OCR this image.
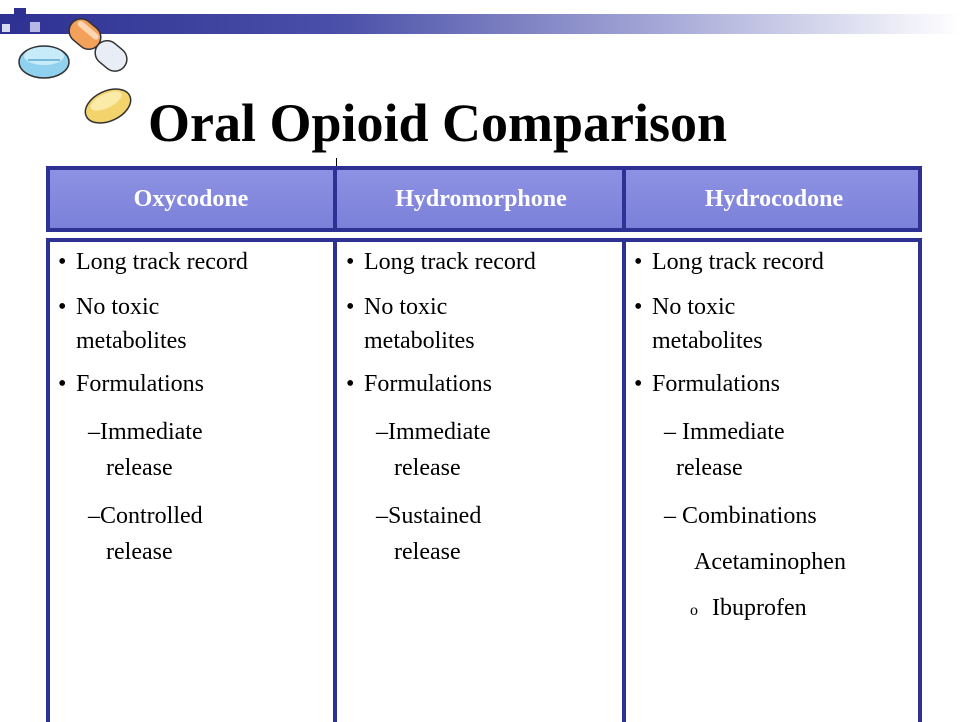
Oral Opioid Comparison
Oxycodone	Hydromorphone	Hydrocodone
• Long track record
• No toxic
metabolites
• Formulations
–Immediate
release
–Controlled
release
• Long track record
• No toxic
metabolites
• Formulations
–Immediate
release
–Sustained
release
• Long track record
• No toxic
metabolites
• Formulations
– Immediate
release
– Combinations
Acetaminophen
o Ibuprofen
